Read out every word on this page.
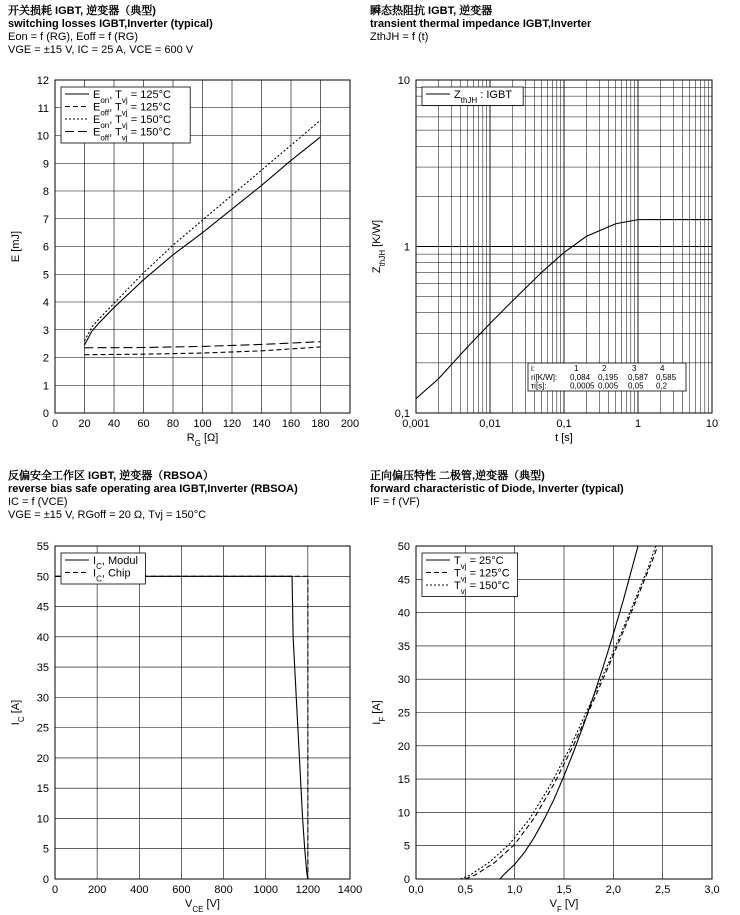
开关损耗 IGBT, 逆变器（典型)
switching losses IGBT,Inverter (typical)
Eon = f (RG), Eoff = f (RG)
VGE = ±15 V, IC = 25 A, VCE = 600 V
瞬态热阻抗 IGBT, 逆变器
transient thermal impedance IGBT,Inverter
ZthJH = f (t)
反偏安全工作区 IGBT, 逆变器（RBSOA）
reverse bias safe operating area IGBT,Inverter (RBSOA)
IC = f (VCE)
VGE = ±15 V, RGoff = 20 Ω, Tvj = 150°C
正向偏压特性 二极管,逆变器（典型)
forward characteristic of Diode, Inverter (typical)
IF = f (VF)
0 20 40 60 80 100 120 140 160 180 200
0
1
2
3
4
5
6
7
8
9
10
11
12
$R_G$ [Ω]
E [mJ]
$E_{on}$, $T_{vj} = 125^\circ C$
$E_{off}$, $T_{vj} = 125^\circ C$
$E_{on}$, $T_{vj} = 150^\circ C$
$E_{off}$, $T_{vj} = 150^\circ C$
0,001	0,01	0,1	1	10
0,1
1
10
t [s]
$Z_{thJH}$ [K/W]
$Z_{thJH}$ : IGBT
i:	1	2	3	4
ri[K/W]: 0,084 0,195 0,587 0,585
τi[s]:	0,0005 0,005 0,05 0,2
0	200 400 600 800 1000 1200 1400
0
5
10
15
20
25
30
35
40
45
50
55
$V_{CE}$ [V]
$I_C$ [A]
$I_C$, Modul
$I_C$, Chip
0,0	0,5	1,0	1,5	2,0	2,5	3,0
0
5
10
15
20
25
30
35
40
45
50
$V_F$ [V]
$I_F$ [A]
$T_{vj} = 25^\circ C$
$T_{vj} = 125^\circ C$
$T_{vj} = 150^\circ C$
